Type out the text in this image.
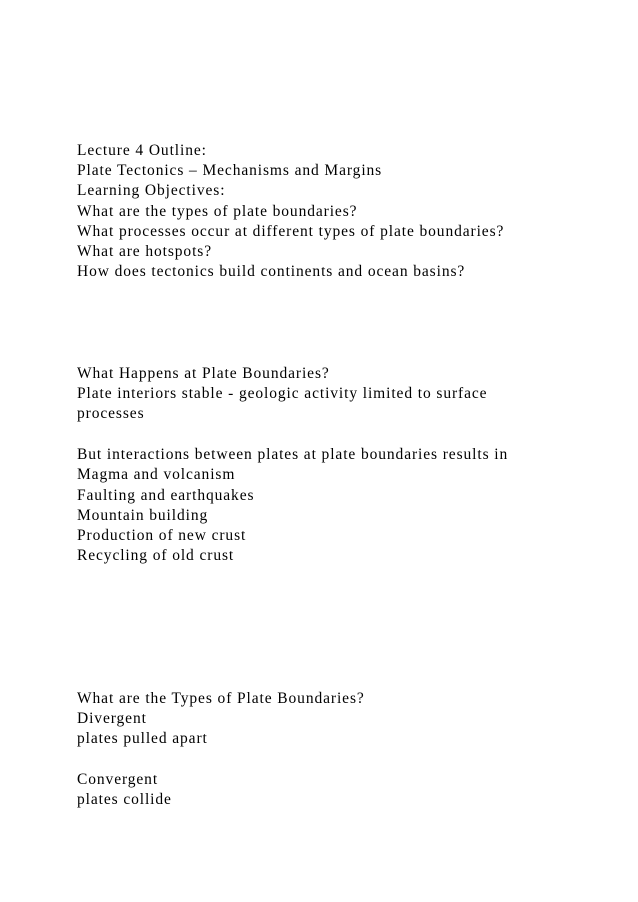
Lecture 4 Outline:

Plate Tectonics – Mechanisms and Margins

Learning Objectives:

What are the types of plate boundaries?

What processes occur at different types of plate boundaries?

What are hotspots?

How does tectonics build continents and ocean basins?

What Happens at Plate Boundaries?

Plate interiors stable - geologic activity limited to surface

processes

But interactions between plates at plate boundaries results in

Magma and volcanism

Faulting and earthquakes

Mountain building

Production of new crust

Recycling of old crust

What are the Types of Plate Boundaries?

Divergent

plates pulled apart

Convergent

plates collide
